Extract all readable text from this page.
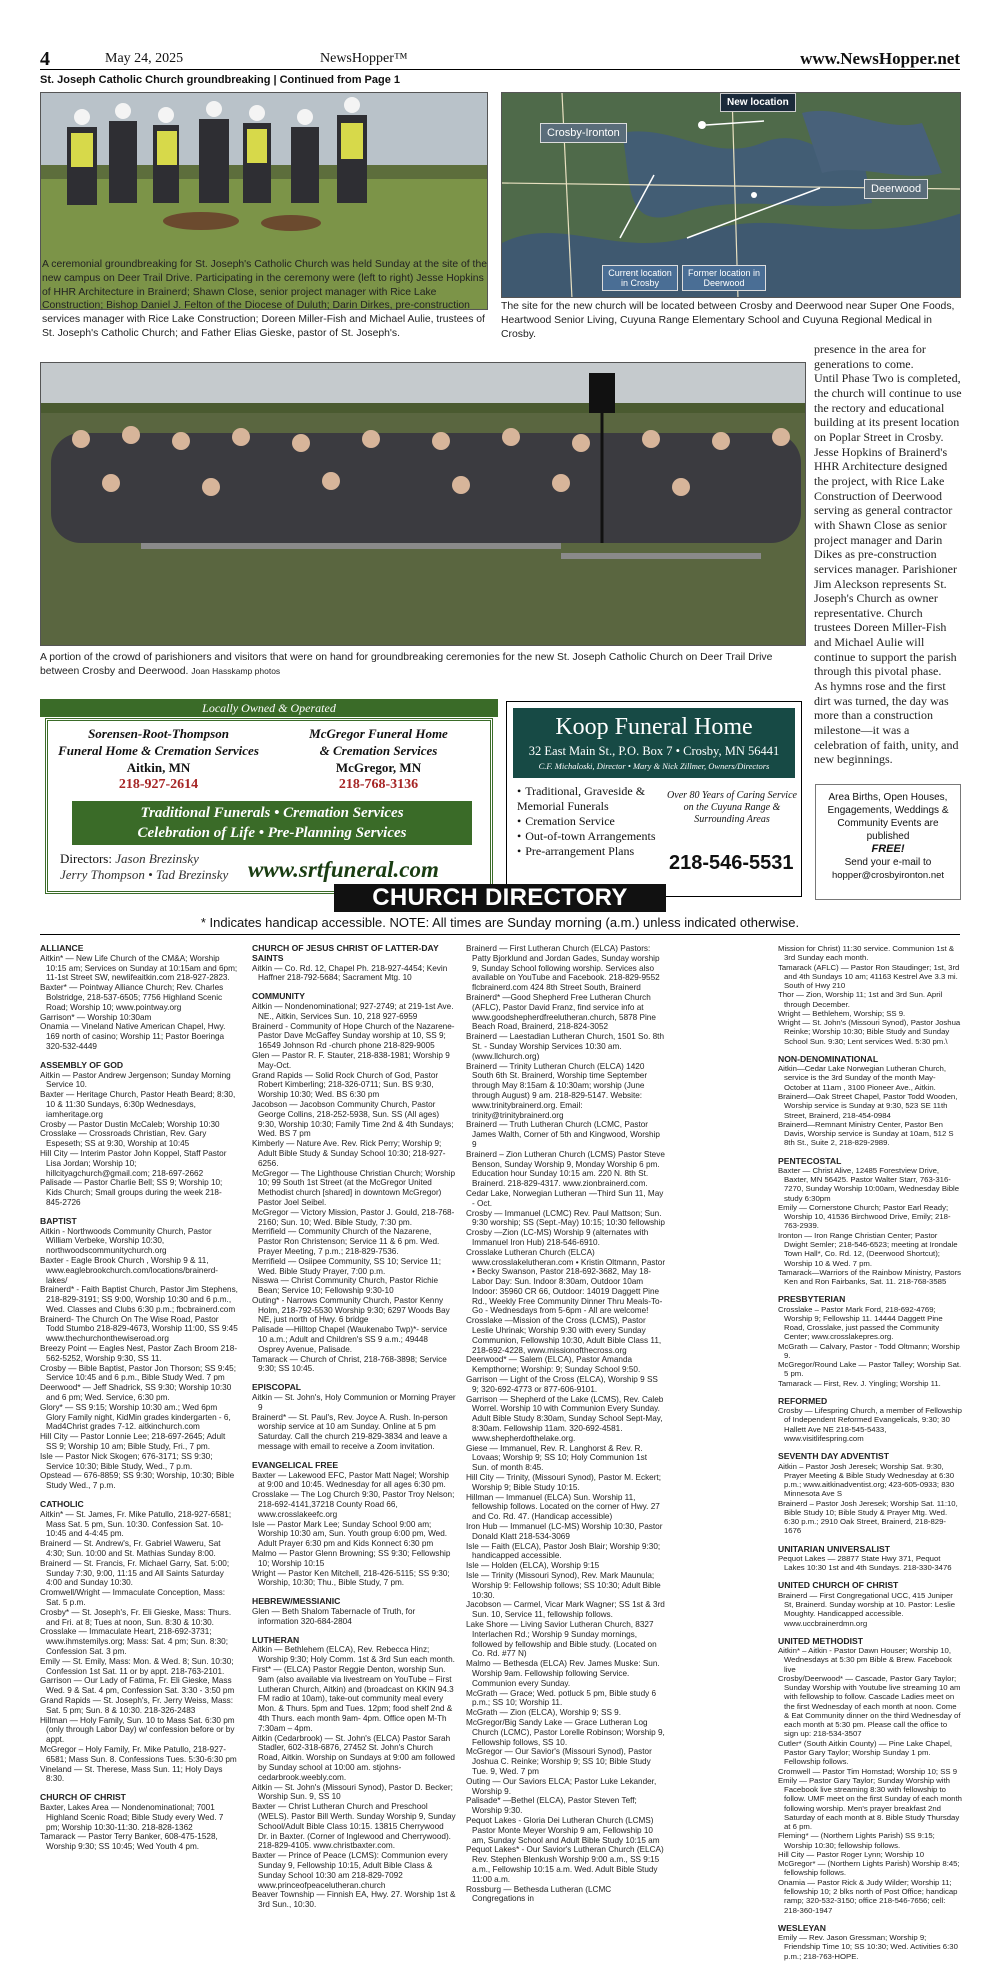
4	May 24, 2025	NewsHopper™	www.NewsHopper.net
St. Joseph Catholic Church groundbreaking | Continued from Page 1
A ceremonial groundbreaking for St. Joseph's Catholic Church was held Sunday at the site of the new campus on Deer Trail Drive. Participating in the ceremony were (left to right) Jesse Hopkins of HHR Architecture in Brainerd; Shawn Close, senior project manager with Rice Lake Construction; Bishop Daniel J. Felton of the Diocese of Duluth; Darin Dirkes, pre-construction services manager with Rice Lake Construction; Doreen Miller-Fish and Michael Aulie, trustees of St. Joseph's Catholic Church; and Father Elias Gieske, pastor of St. Joseph's.
New location
Crosby-Ironton
Deerwood
Current location in Crosby
Former location in Deerwood
The site for the new church will be located between Crosby and Deerwood near Super One Foods, Heartwood Senior Living, Cuyuna Range Elementary School and Cuyuna Regional Medical in Crosby.
A portion of the crowd of parishioners and visitors that were on hand for groundbreaking ceremonies for the new St. Joseph Catholic Church on Deer Trail Drive between Crosby and Deerwood. Joan Hasskamp photos

presence in the area for generations to come.

Until Phase Two is completed, the church will continue to use the rectory and educational building at its present location on Poplar Street in Crosby.

Jesse Hopkins of Brainerd's HHR Architecture designed the project, with Rice Lake Construction of Deerwood serving as general contractor with Shawn Close as senior project manager and Darin Dikes as pre-construction services manager. Parishioner Jim Aleckson represents St. Joseph's Church as owner representative. Church trustees Doreen Miller-Fish and Michael Aulie will continue to support the parish through this pivotal phase.

As hymns rose and the first dirt was turned, the day was more than a construction milestone—it was a celebration of faith, unity, and new beginnings.

Area Births, Open Houses, Engagements, Weddings & Community Events are published
FREE!
Send your e-mail to
hopper@crosbyironton.net
Locally Owned & Operated
Sorensen-Root-Thompson
Funeral Home & Cremation Services
Aitkin, MN
218-927-2614
McGregor Funeral Home
& Cremation Services
McGregor, MN
218-768-3136
Traditional Funerals • Cremation Services
Celebration of Life • Pre-Planning Services
Directors: Jason Brezinsky
Jerry Thompson • Tad Brezinsky www.srtfuneral.com
Koop Funeral Home
32 East Main St., P.O. Box 7 • Crosby, MN 56441
C.F. Michaloski, Director • Mary & Nick Zillmer, Owners/Directors
• Traditional, Graveside & Memorial Funerals
• Cremation Service
• Out-of-town Arrangements
• Pre-arrangement Plans
Over 80 Years of Caring Service on the Cuyuna Range & Surrounding Areas
218-546-5531
CHURCH DIRECTORY
* Indicates handicap accessible. NOTE: All times are Sunday morning (a.m.) unless indicated otherwise.

ALLIANCE

Aitkin* — New Life Church of the CM&A; Worship 10:15 am; Services on Sunday at 10:15am and 6pm; 11-1st Street SW, newlifeaitkin.com 218-927-2823.

Baxter* — Pointway Alliance Church; Rev. Charles Bolstridge, 218-537-6505; 7756 Highland Scenic Road; Worship 10; www.pointway.org

Garrison* — Worship 10:30am

Onamia — Vineland Native American Chapel, Hwy. 169 north of casino; Worship 11; Pastor Boeringa 320-532-4449

ASSEMBLY OF GOD

Aitkin — Pastor Andrew Jergenson; Sunday Morning Service 10.

Baxter — Heritage Church, Pastor Heath Beard; 8:30, 10 & 11:30 Sundays, 6:30p Wednesdays, iamheritage.org

Crosby — Pastor Dustin McCaleb; Worship 10:30

Crosslake — Crossroads Christian, Rev. Gary Espeseth; SS at 9:30, Worship at 10:45

Hill City — Interim Pastor John Koppel, Staff Pastor Lisa Jordan; Worship 10; hillcityagchurch@gmail.com; 218-697-2662

Palisade — Pastor Charlie Bell; SS 9; Worship 10; Kids Church; Small groups during the week 218-845-2726

BAPTIST

Aitkin - Northwoods Community Church, Pastor William Verbeke, Worship 10:30, northwoodscommunitychurch.org

Baxter - Eagle Brook Church , Worship 9 & 11, www.eaglebrookchurch.com/locations/brainerd-lakes/

Brainerd* - Faith Baptist Church, Pastor Jim Stephens, 218-829-3191; SS 9:00, Worship 10:30 and 6 p.m., Wed. Classes and Clubs 6:30 p.m.; fbcbrainerd.com

Brainerd- The Church On The Wise Road, Pastor Todd Stumbo 218-829-4673, Worship 11:00, SS 9:45 www.thechurchonthewiseroad.org

Breezy Point — Eagles Nest, Pastor Zach Broom 218-562-5252, Worship 9:30, SS 11.

Crosby — Bible Baptist, Pastor Jon Thorson; SS 9:45; Service 10:45 and 6 p.m., Bible Study Wed. 7 pm

Deerwood* — Jeff Shadrick, SS 9:30; Worship 10:30 and 6 pm; Wed. Service, 6:30 pm.

Glory* — SS 9:15; Worship 10:30 am.; Wed 6pm Glory Family night, KidMin grades kindergarten - 6, Mad4Christ grades 7-12. aitkinchurch.com

Hill City — Pastor Lonnie Lee; 218-697-2645; Adult SS 9; Worship 10 am; Bible Study, Fri., 7 pm.

Isle — Pastor Nick Skogen; 676-3171; SS 9:30; Service 10:30; Bible Study, Wed., 7 p.m.

Opstead — 676-8859; SS 9:30; Worship, 10:30; Bible Study Wed., 7 p.m.

CATHOLIC

Aitkin* — St. James, Fr. Mike Patullo, 218-927-6581; Mass Sat. 5 pm, Sun. 10:30. Confession Sat. 10-10:45 and 4-4:45 pm.

Brainerd — St. Andrew's, Fr. Gabriel Waweru, Sat 4:30; Sun. 10:00 and St. Mathias Sunday 8:00.

Brainerd — St. Francis, Fr. Michael Garry, Sat. 5:00; Sunday 7:30, 9:00, 11:15 and All Saints Saturday 4:00 and Sunday 10:30.

Cromwell/Wright — Immaculate Conception, Mass: Sat. 5 p.m.

Crosby* — St. Joseph's, Fr. Eli Gieske, Mass: Thurs. and Fri. at 8; Tues at noon, Sun. 8:30 & 10:30.

Crosslake — Immaculate Heart, 218-692-3731; www.ihmstemilys.org; Mass: Sat. 4 pm; Sun. 8:30; Confession Sat. 3 pm.

Emily — St. Emily, Mass: Mon. & Wed. 8; Sun. 10:30; Confession 1st Sat. 11 or by appt. 218-763-2101.

Garrison — Our Lady of Fatima, Fr. Eli Gieske, Mass Wed. 9 & Sat. 4 pm, Confession Sat. 3:30 - 3:50 pm

Grand Rapids — St. Joseph's, Fr. Jerry Weiss, Mass: Sat. 5 pm; Sun. 8 & 10:30. 218-326-2483

Hillman — Holy Family, Sun. 10 to Mass Sat. 6:30 pm (only through Labor Day) w/ confession before or by appt.

McGregor – Holy Family, Fr. Mike Patullo, 218-927-6581; Mass Sun. 8. Confessions Tues. 5:30-6:30 pm

Vineland — St. Therese, Mass Sun. 11; Holy Days 8:30.

CHURCH OF CHRIST

Baxter, Lakes Area — Nondenominational; 7001 Highland Scenic Road; Bible Study every Wed. 7 pm; Worship 10:30-11:30. 218-828-1362

Tamarack — Pastor Terry Banker, 608-475-1528, Worship 9:30; SS 10:45; Wed Youth 4 pm.

CHURCH OF JESUS CHRIST OF LATTER-DAY SAINTS

Aitkin — Co. Rd. 12, Chapel Ph. 218-927-4454; Kevin Haffner 218-792-5684; Sacrament Mtg. 10

COMMUNITY

Aitkin — Nondenominational; 927-2749; at 219-1st Ave. NE., Aitkin, Services Sun. 10, 218 927-6959

Brainerd - Community of Hope Church of the Nazarene- Pastor Dave McGaffey Sunday worship at 10, SS 9; 16549 Johnson Rd -church phone 218-829-9005

Glen — Pastor R. F. Stauter, 218-838-1981; Worship 9 May-Oct.

Grand Rapids — Solid Rock Church of God, Pastor Robert Kimberling; 218-326-0711; Sun. BS 9:30, Worship 10:30; Wed. BS 6:30 pm

Jacobson — Jacobson Community Church, Pastor George Collins, 218-252-5938, Sun. SS (All ages) 9:30, Worship 10:30; Family Time 2nd & 4th Sundays; Wed. BS 7 pm

Kimberly — Nature Ave. Rev. Rick Perry; Worship 9; Adult Bible Study & Sunday School 10:30; 218-927-6256.

McGregor — The Lighthouse Christian Church; Worship 10; 99 South 1st Street (at the McGregor United Methodist church [shared] in downtown McGregor) Pastor Joel Seibel.

McGregor — Victory Mission, Pastor J. Gould, 218-768-2160; Sun. 10; Wed. Bible Study, 7:30 pm.

Merrifield — Community Church of the Nazarene, Pastor Ron Christenson; Service 11 & 6 pm. Wed. Prayer Meeting, 7 p.m.; 218-829-7536.

Merrifield — Osiipee Community, SS 10; Service 11; Wed. Bible Study Prayer, 7:00 p.m.

Nisswa — Christ Community Church, Pastor Richie Bean; Service 10; Fellowship 9:30-10

Outing* - Narrows Community Church, Pastor Kenny Holm, 218-792-5530 Worship 9:30; 6297 Woods Bay NE, just north of Hwy. 6 bridge

Palisade —Hilltop Chapel (Waukenabo Twp)*- service 10 a.m.; Adult and Children's SS 9 a.m.; 49448 Osprey Avenue, Palisade.

Tamarack — Church of Christ, 218-768-3898; Service 9:30; SS 10:45.

EPISCOPAL

Aitkin — St. John's, Holy Communion or Morning Prayer 9

Brainerd* — St. Paul's, Rev. Joyce A. Rush. In-person worship service at 10 am Sunday. Online at 5 pm Saturday. Call the church 219-829-3834 and leave a message with email to receive a Zoom invitation.

EVANGELICAL FREE

Baxter — Lakewood EFC, Pastor Matt Nagel; Worship at 9:00 and 10:45. Wednesday for all ages 6:30 pm.

Crosslake — The Log Church 9:30, Pastor Troy Nelson; 218-692-4141,37218 County Road 66, www.crosslakeefc.org

Isle — Pastor Mark Lee; Sunday School 9:00 am; Worship 10:30 am, Sun. Youth group 6:00 pm, Wed. Adult Prayer 6:30 pm and Kids Konnect 6:30 pm

Malmo — Pastor Glenn Browning; SS 9:30; Fellowship 10; Worship 10:15

Wright — Pastor Ken Mitchell, 218-426-5115; SS 9:30; Worship, 10:30; Thu., Bible Study, 7 pm.

HEBREW/MESSIANIC

Glen — Beth Shalom Tabernacle of Truth, for information 320-684-2804

LUTHERAN

Aitkin — Bethlehem (ELCA), Rev. Rebecca Hinz; Worship 9:30; Holy Comm. 1st & 3rd Sun each month.

First* — (ELCA) Pastor Reggie Denton, worship Sun. 9am (also available via livestream on YouTube – First Lutheran Church, Aitkin) and (broadcast on KKIN 94.3 FM radio at 10am), take-out community meal every Mon. & Thurs. 5pm and Tues. 12pm; food shelf 2nd & 4th Thurs. each month 9am- 4pm. Office open M-Th 7:30am – 4pm.

Aitkin (Cedarbrook) — St. John's (ELCA) Pastor Sarah Stadler, 602-318-6876, 27452 St. John's Church Road, Aitkin. Worship on Sundays at 9:00 am followed by Sunday school at 10:00 am. stjohns-cedarbrook.weebly.com.

Aitkin — St. John's (Missouri Synod), Pastor D. Becker; Worship Sun. 9, SS 10

Baxter — Christ Lutheran Church and Preschool (WELS). Pastor Bill Werth. Sunday Worship 9, Sunday School/Adult Bible Class 10:15. 13815 Cherrywood Dr. in Baxter. (Corner of Inglewood and Cherrywood). 218-829-4105. www.christbaxter.com.

Baxter — Prince of Peace (LCMS): Communion every Sunday 9, Fellowship 10:15, Adult Bible Class & Sunday School 10:30 am 218-829-7092 www.princeofpeacelutheran.church

Beaver Township — Finnish EA, Hwy. 27. Worship 1st & 3rd Sun., 10:30.

Brainerd — First Lutheran Church (ELCA) Pastors: Patty Bjorklund and Jordan Gades, Sunday worship 9, Sunday School following worship. Services also available on YouTube and Facebook. 218-829-9552 flcbrainerd.com 424 8th Street South, Brainerd

Brainerd* —Good Shepherd Free Lutheran Church (AFLC), Pastor David Franz, find service info at www.goodshepherdfreelutheran.church, 5878 Pine Beach Road, Brainerd, 218-824-3052

Brainerd — Laestadian Lutheran Church, 1501 So. 8th St. - Sunday Worship Services 10:30 am. (www.llchurch.org)

Brainerd — Trinity Lutheran Church (ELCA) 1420 South 6th St. Brainerd, Worship time September through May 8:15am & 10:30am; worship (June through August) 9 am. 218-829-5147. Website: www.trinitybrainerd.org. Email: trinity@trinitybrainerd.org

Brainerd — Truth Lutheran Church (LCMC, Pastor James Walth, Corner of 5th and Kingwood, Worship 9

Brainerd – Zion Lutheran Church (LCMS) Pastor Steve Benson, Sunday Worship 9, Monday Worship 6 pm. Education hour Sunday 10:15 am. 220 N. 8th St. Brainerd. 218-829-4317. www.zionbrainerd.com.

Cedar Lake, Norwegian Lutheran —Third Sun 11, May - Oct.

Crosby — Immanuel (LCMC) Rev. Paul Mattson; Sun. 9:30 worship; SS (Sept.-May) 10:15; 10:30 fellowship

Crosby —Zion (LC-MS) Worship 9 (alternates with Immanuel Iron Hub) 218-546-6910.

Crosslake Lutheran Church (ELCA) www.crosslakelutheran.com • Kristin Oltmann, Pastor • Becky Swanson, Pastor 218-692-3682, May 18-Labor Day: Sun. Indoor 8:30am, Outdoor 10am Indoor: 35960 CR 66, Outdoor: 14019 Daggett Pine Rd., Weekly Free Community Dinner Thru Meals-To-Go - Wednesdays from 5-6pm - All are welcome!

Crosslake —Mission of the Cross (LCMS), Pastor Leslie Uhrinak; Worship 9:30 with every Sunday Communion, Fellowship 10:30, Adult Bible Class 11, 218-692-4228, www.missionofthecross.org

Deerwood* — Salem (ELCA), Pastor Amanda Kempthorne; Worship: 9; Sunday School 9:50.

Garrison — Light of the Cross (ELCA), Worship 9 SS 9; 320-692-4773 or 877-606-9101.

Garrison — Shepherd of the Lake (LCMS), Rev. Caleb Worrel. Worship 10 with Communion Every Sunday. Adult Bible Study 8:30am, Sunday School Sept-May, 8:30am. Fellowship 11am. 320-692-4581. www.shepherdofthelake.org.

Giese — Immanuel, Rev. R. Langhorst & Rev. R. Lovaas; Worship 9; SS 10; Holy Communion 1st Sun. of month 8:45.

Hill City — Trinity, (Missouri Synod), Pastor M. Eckert; Worship 9; Bible Study 10:15.

Hillman — Immanuel (ELCA) Sun. Worship 11, fellowship follows. Located on the corner of Hwy. 27 and Co. Rd. 47. (Handicap accessible)

Iron Hub — Immanuel (LC-MS) Worship 10:30, Pastor Donald Klatt 218-534-3069

Isle — Faith (ELCA), Pastor Josh Blair; Worship 9:30; handicapped accessible.

Isle — Holden (ELCA), Worship 9:15

Isle — Trinity (Missouri Synod), Rev. Mark Maunula; Worship 9: Fellowship follows; SS 10:30; Adult Bible 10:30.

Jacobson — Carmel, Vicar Mark Wagner; SS 1st & 3rd Sun. 10, Service 11, fellowship follows.

Lake Shore — Living Savior Lutheran Church, 8327 Interlachen Rd.; Worship 9 Sunday mornings, followed by fellowship and Bible study. (Located on Co. Rd. #77 N)

Malmo — Bethesda (ELCA) Rev. James Muske: Sun. Worship 9am. Fellowship following Service. Communion every Sunday.

McGrath — Grace; Wed. potluck 5 pm, Bible study 6 p.m.; SS 10; Worship 11.

McGrath — Zion (ELCA), Worship 9; SS 9.

McGregor/Big Sandy Lake — Grace Lutheran Log Church (LCMC), Pastor Lorelle Robinson; Worship 9, Fellowship follows, SS 10.

McGregor — Our Savior's (Missouri Synod), Pastor Joshua C. Reinke; Worship 9; SS 10; Bible Study Tue. 9, Wed. 7 pm

Outing — Our Saviors ELCA; Pastor Luke Lekander, Worship 9.

Palisade* —Bethel (ELCA), Pastor Steven Teff; Worship 9:30.

Pequot Lakes - Gloria Dei Lutheran Church (LCMS) Pastor Monte Meyer Worship 9 am, Fellowship 10 am, Sunday School and Adult Bible Study 10:15 am

Pequot Lakes* - Our Savior's Lutheran Church (ELCA) Rev. Stephen Blenkush Worship 9:00 a.m., SS 9:15 a.m., Fellowship 10:15 a.m. Wed. Adult Bible Study 11:00 a.m.

Rossburg — Bethesda Lutheran (LCMC Congregations in

Mission for Christ) 11:30 service. Communion 1st & 3rd Sunday each month.

Tamarack (AFLC) — Pastor Ron Staudinger; 1st, 3rd and 4th Sundays 10 am; 41163 Kestrel Ave 3.3 mi. South of Hwy 210

Thor — Zion, Worship 11; 1st and 3rd Sun. April through December.

Wright — Bethlehem, Worship; SS 9.

Wright — St. John's (Missouri Synod), Pastor Joshua Reinke; Worship 10:30; Bible Study and Sunday School Sun. 9:30; Lent services Wed. 5:30 pm.\

NON-DENOMINATIONAL

Aitkin—Cedar Lake Norwegian Lutheran Church, service is the 3rd Sunday of the month May-October at 11am , 3100 Pioneer Ave., Aitkin.

Brainerd—Oak Street Chapel, Pastor Todd Wooden, Worship service is Sunday at 9:30, 523 SE 11th Street, Brainerd, 218-454-0984

Brainerd—Remnant Ministry Center, Pastor Ben Davis, Worship service is Sunday at 10am, 512 S 8th St., Suite 2, 218-829-2989.

PENTECOSTAL

Baxter — Christ Alive, 12485 Forestview Drive, Baxter, MN 56425. Pastor Walter Starr, 763-316-7270, Sunday Worship 10:00am, Wednesday Bible study 6:30pm

Emily — Cornerstone Church; Pastor Earl Ready; Worship 10, 41536 Birchwood Drive, Emily; 218-763-2939.

Ironton — Iron Range Christian Center; Pastor Dwight Semler; 218-546-6523; meeting at Irondale Town Hall*, Co. Rd. 12, (Deerwood Shortcut); Worship 10 & Wed. 7 pm.

Tamarack—Warriors of the Rainbow Ministry, Pastors Ken and Ron Fairbanks, Sat. 11. 218-768-3585

PRESBYTERIAN

Crosslake – Pastor Mark Ford, 218-692-4769; Worship 9; Fellowship 11. 14444 Daggett Pine Road, Crosslake, just passed the Community Center; www.crosslakepres.org.

McGrath — Calvary, Pastor - Todd Oltmann; Worship 9.

McGregor/Round Lake — Pastor Talley; Worship Sat. 5 pm.

Tamarack — First, Rev. J. Yingling; Worship 11.

REFORMED

Crosby — Lifespring Church, a member of Fellowship of Independent Reformed Evangelicals, 9:30; 30 Hallett Ave NE 218-545-5433, www.visitlifespring.com

SEVENTH DAY ADVENTIST

Aitkin – Pastor Josh Jeresek; Worship Sat. 9:30, Prayer Meeting & Bible Study Wednesday at 6:30 p.m.; www.aitkinadventist.org; 423-605-0933; 830 Minnesota Ave S

Brainerd – Pastor Josh Jeresek; Worship Sat. 11:10, Bible Study 10; Bible Study & Prayer Mtg. Wed. 6:30 p.m.; 2910 Oak Street, Brainerd, 218-829-1676

UNITARIAN UNIVERSALIST

Pequot Lakes — 28877 State Hwy 371, Pequot Lakes 10:30 1st and 4th Sundays. 218-330-3476

UNITED CHURCH OF CHRIST

Brainerd — First Congregational UCC, 415 Juniper St, Brainerd. Sunday worship at 10. Pastor: Leslie Moughty. Handicapped accessible. www.uccbrainerdmn.org

UNITED METHODIST

Aitkin* – Aitkin - Pastor Dawn Houser; Worship 10, Wednesdays at 5:30 pm Bible & Brew. Facebook live

Crosby/Deerwood* — Cascade, Pastor Gary Taylor; Sunday Worship with Youtube live streaming 10 am with fellowship to follow. Cascade Ladies meet on the first Wednesday of each month at noon. Come & Eat Community dinner on the third Wednesday of each month at 5:30 pm. Please call the office to sign up: 218-534-3507

Cutler* (South Aitkin County) — Pine Lake Chapel, Pastor Gary Taylor; Worship Sunday 1 pm. Fellowship follows.

Cromwell — Pastor Tim Homstad; Worship 10; SS 9

Emily — Pastor Gary Taylor; Sunday Worship with Facebook live streaming 8:30 with fellowship to follow. UMF meet on the first Sunday of each month following worship. Men's prayer breakfast 2nd Saturday of each month at 8. Bible Study Thursday at 6 pm.

Fleming* — (Northern Lights Parish) SS 9:15; Worship 10:30; fellowship follows.

Hill City — Pastor Roger Lynn; Worship 10

McGregor* — (Northern Lights Parish) Worship 8:45; fellowship follows.

Onamia — Pastor Rick & Judy Wilder; Worship 11; fellowship 10; 2 blks north of Post Office; handicap ramp; 320-532-3150; office 218-546-7656; cell: 218-360-1947

WESLEYAN

Emily — Rev. Jason Gressman; Worship 9; Friendship Time 10; SS 10:30; Wed. Activities 6:30 p.m.; 218-763-HOPE.
